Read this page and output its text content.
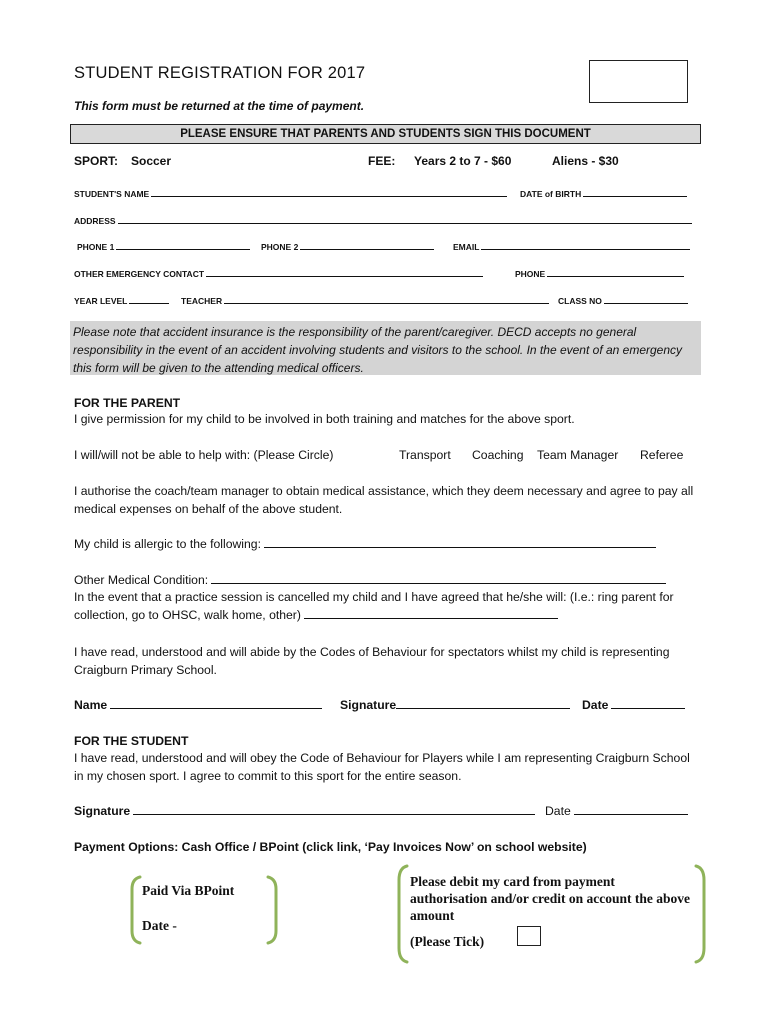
STUDENT REGISTRATION FOR 2017
This form must be returned at the time of payment.
PLEASE ENSURE THAT PARENTS AND STUDENTS SIGN THIS DOCUMENT
SPORT: Soccer	FEE: Years 2 to 7 - $60	Aliens - $30
STUDENT'S NAME	DATE of BIRTH
ADDRESS
PHONE 1	PHONE 2	EMAIL
OTHER EMERGENCY CONTACT	PHONE
YEAR LEVEL	TEACHER	CLASS NO
Please note that accident insurance is the responsibility of the parent/caregiver. DECD accepts no general responsibility in the event of an accident involving students and visitors to the school. In the event of an emergency this form will be given to the attending medical officers.
FOR THE PARENT
I give permission for my child to be involved in both training and matches for the above sport.
I will/will not be able to help with: (Please Circle)	Transport Coaching Team Manager Referee
I authorise the coach/team manager to obtain medical assistance, which they deem necessary and agree to pay all medical expenses on behalf of the above student.
My child is allergic to the following:
Other Medical Condition:
In the event that a practice session is cancelled my child and I have agreed that he/she will: (I.e.: ring parent for collection, go to OHSC, walk home, other)
I have read, understood and will abide by the Codes of Behaviour for spectators whilst my child is representing Craigburn Primary School.
Name	Signature	Date
FOR THE STUDENT
I have read, understood and will obey the Code of Behaviour for Players while I am representing Craigburn School in my chosen sport. I agree to commit to this sport for the entire season.
Signature	Date
Payment Options: Cash Office / BPoint (click link, ‘Pay Invoices Now’ on school website)
Paid Via BPoint
Date -
Please debit my card from payment authorisation and/or credit on account the above amount
(Please Tick)
